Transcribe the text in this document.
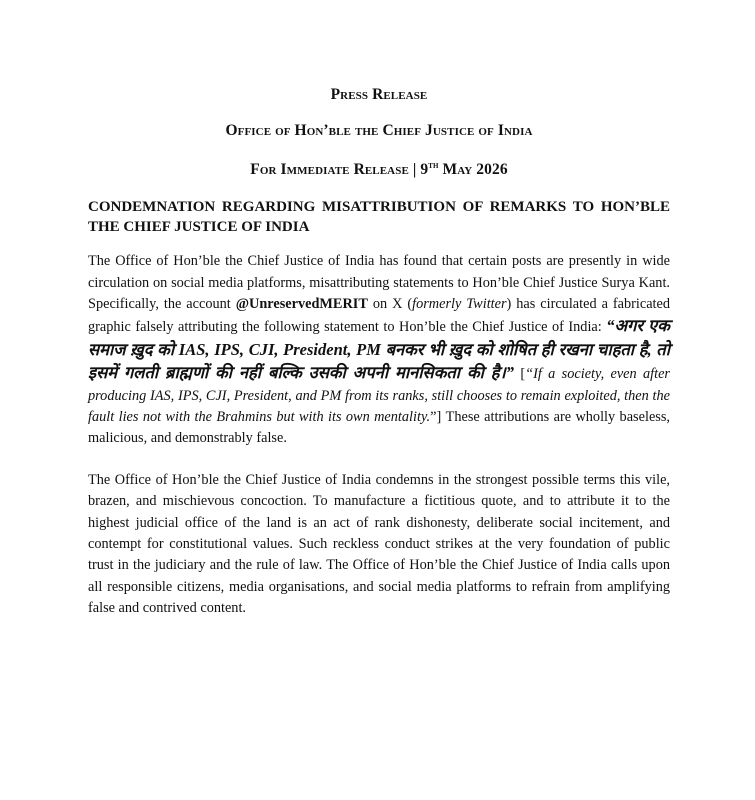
Press Release
Office of Hon’ble the Chief Justice of India
For Immediate Release | 9th May 2026
CONDEMNATION REGARDING MISATTRIBUTION OF REMARKS TO HON’BLE THE CHIEF JUSTICE OF INDIA

The Office of Hon’ble the Chief Justice of India has found that certain posts are presently in wide circulation on social media platforms, misattributing statements to Hon’ble Chief Justice Surya Kant. Specifically, the account @UnreservedMERIT on X (formerly Twitter) has circulated a fabricated graphic falsely attributing the following statement to Hon’ble the Chief Justice of India: “अगर एक समाज ख़ुद को IAS, IPS, CJI, President, PM बनकर भी ख़ुद को शोषित ही रखना चाहता है, तो इसमें गलती ब्राह्मणों की नहीं बल्कि उसकी अपनी मानसिकता की है।” [“If a society, even after producing IAS, IPS, CJI, President, and PM from its ranks, still chooses to remain exploited, then the fault lies not with the Brahmins but with its own mentality.”] These attributions are wholly baseless, malicious, and demonstrably false.

The Office of Hon’ble the Chief Justice of India condemns in the strongest possible terms this vile, brazen, and mischievous concoction. To manufacture a fictitious quote, and to attribute it to the highest judicial office of the land is an act of rank dishonesty, deliberate social incitement, and contempt for constitutional values. Such reckless conduct strikes at the very foundation of public trust in the judiciary and the rule of law. The Office of Hon’ble the Chief Justice of India calls upon all responsible citizens, media organisations, and social media platforms to refrain from amplifying false and contrived content.
